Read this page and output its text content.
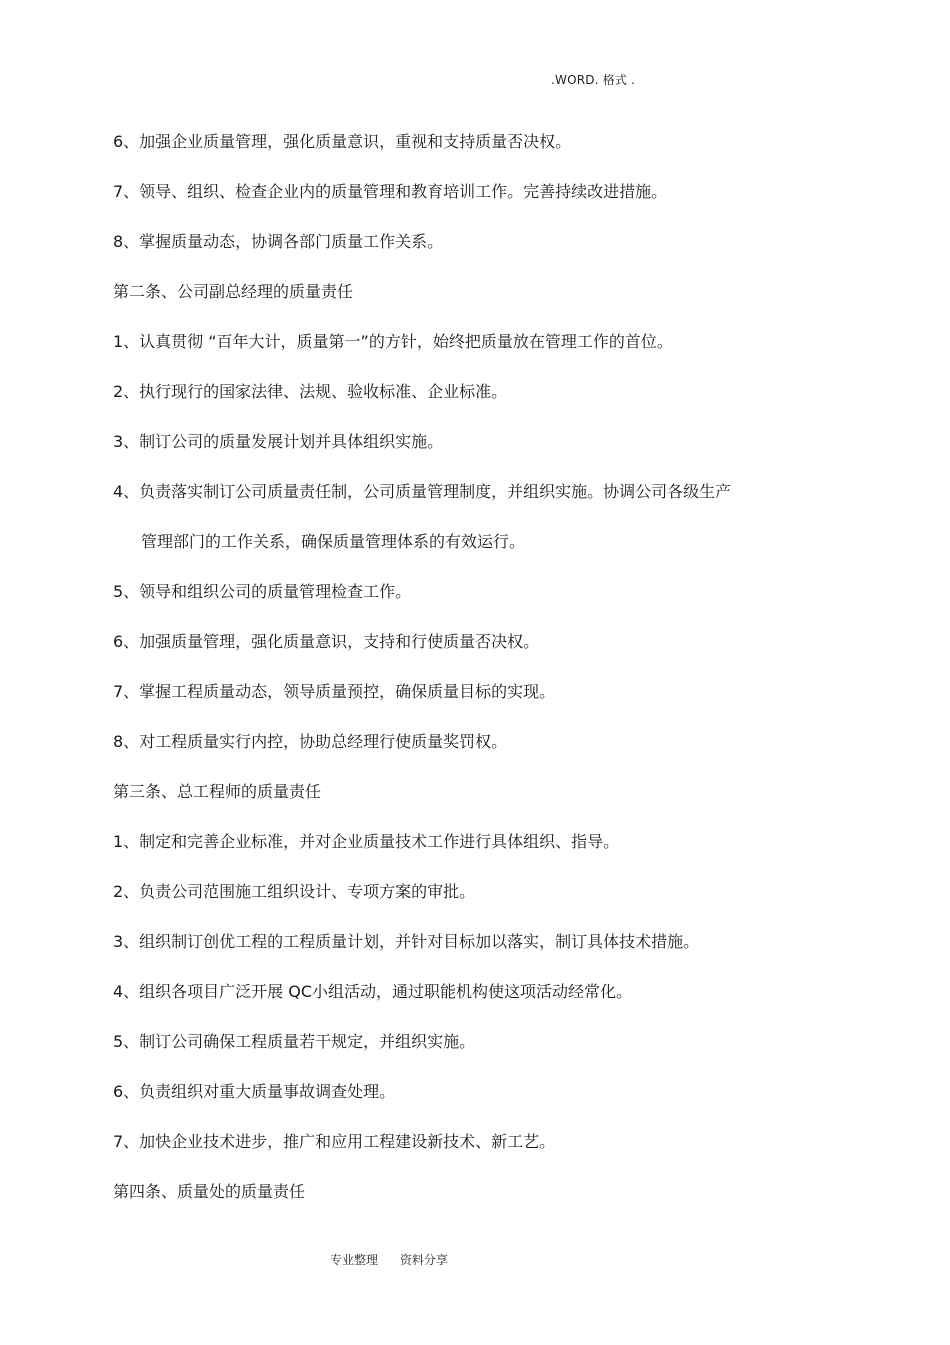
.WORD. 格式 .
6、加强企业质量管理，强化质量意识，重视和支持质量否决权。
7、领导、组织、检查企业内的质量管理和教育培训工作。完善持续改进措施。
8、掌握质量动态，协调各部门质量工作关系。
第二条、公司副总经理的质量责任
1、认真贯彻 “百年大计，质量第一”的方针，始终把质量放在管理工作的首位。
2、执行现行的国家法律、法规、验收标准、企业标准。
3、制订公司的质量发展计划并具体组织实施。
4、负责落实制订公司质量责任制，公司质量管理制度，并组织实施。协调公司各级生产
管理部门的工作关系，确保质量管理体系的有效运行。
5、领导和组织公司的质量管理检查工作。
6、加强质量管理，强化质量意识，支持和行使质量否决权。
7、掌握工程质量动态，领导质量预控，确保质量目标的实现。
8、对工程质量实行内控，协助总经理行使质量奖罚权。
第三条、总工程师的质量责任
1、制定和完善企业标准，并对企业质量技术工作进行具体组织、指导。
2、负责公司范围施工组织设计、专项方案的审批。
3、组织制订创优工程的工程质量计划，并针对目标加以落实，制订具体技术措施。
4、组织各项目广泛开展 QC小组活动，通过职能机构使这项活动经常化。
5、制订公司确保工程质量若干规定，并组织实施。
6、负责组织对重大质量事故调查处理。
7、加快企业技术进步，推广和应用工程建设新技术、新工艺。
第四条、质量处的质量责任
专业整理 资料分享
